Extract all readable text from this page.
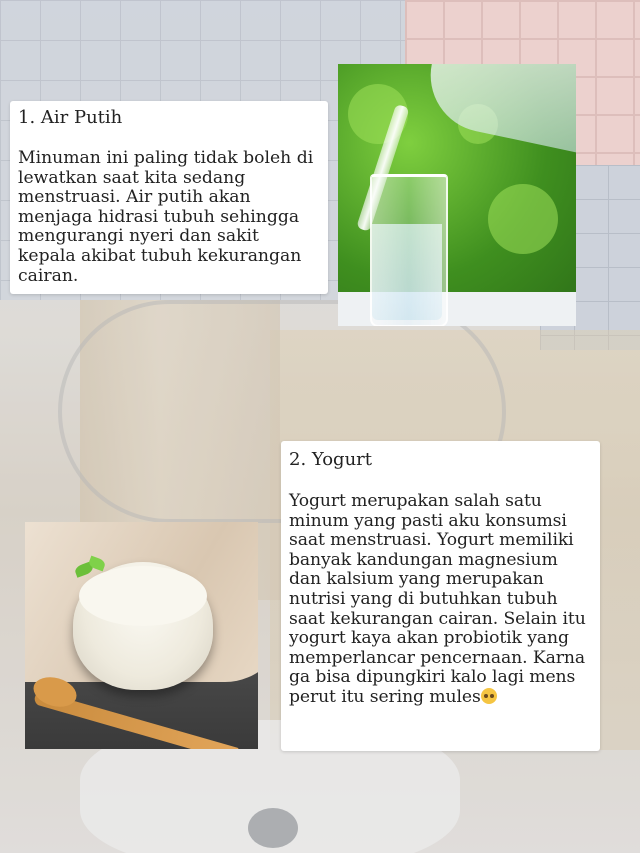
1. Air Putih

Minuman ini paling tidak boleh di lewatkan saat kita sedang menstruasi. Air putih akan menjaga hidrasi tubuh sehingga mengurangi nyeri dan sakit kepala akibat tubuh kekurangan cairan.

2. Yogurt

Yogurt merupakan salah satu minum yang pasti aku konsumsi saat menstruasi. Yogurt memiliki banyak kandungan magnesium dan kalsium yang merupakan nutrisi yang di butuhkan tubuh saat kekurangan cairan. Selain itu yogurt kaya akan probiotik yang memperlancar pencernaan. Karna ga bisa dipungkiri kalo lagi mens perut itu sering mules
